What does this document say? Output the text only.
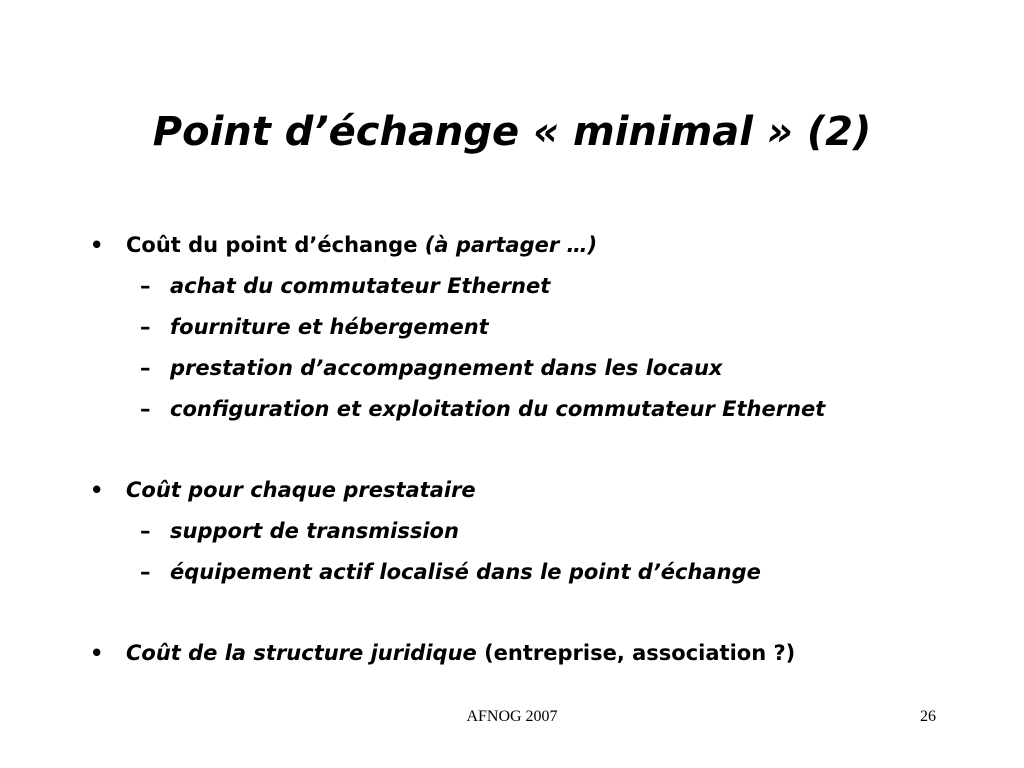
Point d’échange « minimal » (2)
• Coût du point d’échange (à partager …)
– achat du commutateur Ethernet
– fourniture et hébergement
– prestation d’accompagnement dans les locaux
– configuration et exploitation du commutateur Ethernet
• Coût pour chaque prestataire
– support de transmission
– équipement actif localisé dans le point d’échange
• Coût de la structure juridique (entreprise, association ?)
AFNOG 2007	26
